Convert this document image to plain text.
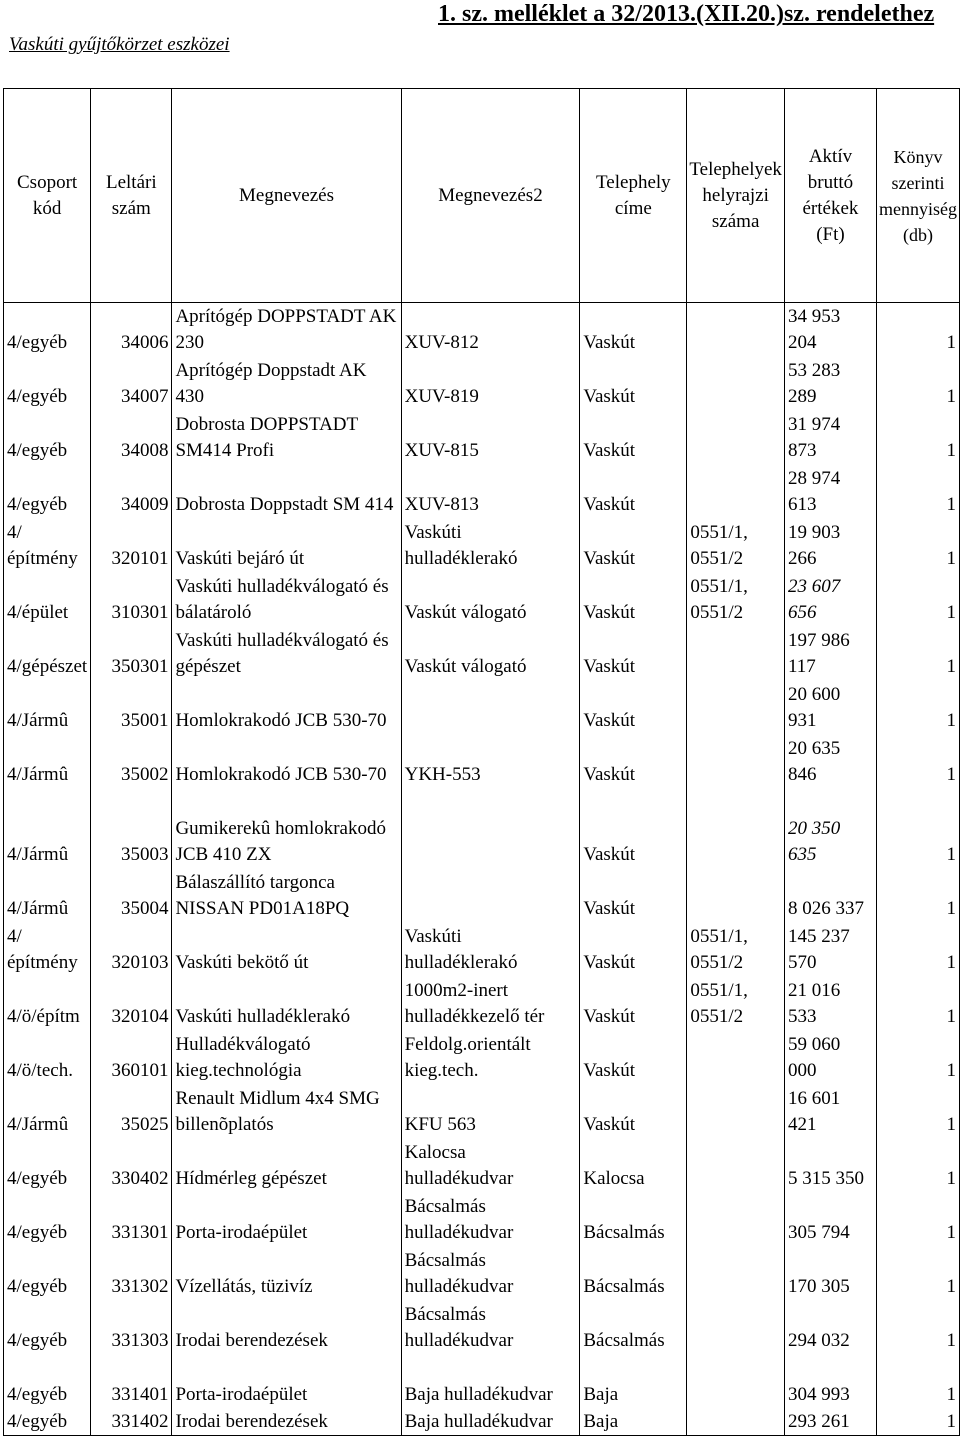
1. sz. melléklet a 32/2013.(XII.20.)sz. rendelethez
Vaskúti gyűjtőkörzet eszközei
Csoport kód	Leltári szám	Megnevezés	Megnevezés2	Telephely címe	Telephelyek helyrajzi száma	Aktív bruttó értékek (Ft)	Könyv szerinti mennyiség (db)
4/egyéb	34006	Aprítógép DOPPSTADT AK 230	XUV-812	Vaskút		34 953 204	1
4/egyéb	34007	Aprítógép Doppstadt AK 430	XUV-819	Vaskút		53 283 289	1
4/egyéb	34008	Dobrosta DOPPSTADT SM414 Profi	XUV-815	Vaskút		31 974 873	1
4/egyéb	34009	Dobrosta Doppstadt SM 414	XUV-813	Vaskút		28 974 613	1
4/építmény	320101	Vaskúti bejáró út	Vaskúti hulladéklerakó	Vaskút	0551/1, 0551/2	19 903 266	1
4/épület	310301	Vaskúti hulladékválogató és bálatároló	Vaskút válogató	Vaskút	0551/1, 0551/2	23 607 656	1
4/gépészet	350301	Vaskúti hulladékválogató és gépészet	Vaskút válogató	Vaskút		197 986 117	1
4/Jármû	35001	Homlokrakodó JCB 530-70		Vaskút		20 600 931	1
4/Jármû	35002	Homlokrakodó JCB 530-70	YKH-553	Vaskút		20 635 846	1
4/Jármû	35003	Gumikerekû homlokrakodó JCB 410 ZX		Vaskút		20 350 635	1
4/Jármû	35004	Bálaszállító targonca NISSAN PD01A18PQ		Vaskút		8 026 337	1
4/építmény	320103	Vaskúti bekötő út	Vaskúti hulladéklerakó	Vaskút	0551/1, 0551/2	145 237 570	1
4/ö/építm	320104	Vaskúti hulladéklerakó	1000m2-inert hulladékkezelő tér	Vaskút	0551/1, 0551/2	21 016 533	1
4/ö/tech.	360101	Hulladékválogató kieg.technológia	Feldolg.orientált kieg.tech.	Vaskút		59 060 000	1
4/Jármû	35025	Renault Midlum 4x4 SMG billenõplatós	KFU 563	Vaskút		16 601 421	1
4/egyéb	330402	Hídmérleg gépészet	Kalocsa hulladékudvar	Kalocsa		5 315 350	1
4/egyéb	331301	Porta-irodaépület	Bácsalmás hulladékudvar	Bácsalmás		305 794	1
4/egyéb	331302	Vízellátás, tüzivíz	Bácsalmás hulladékudvar	Bácsalmás		170 305	1
4/egyéb	331303	Irodai berendezések	Bácsalmás hulladékudvar	Bácsalmás		294 032	1
4/egyéb	331401	Porta-irodaépület	Baja hulladékudvar	Baja		304 993	1
4/egyéb	331402	Irodai berendezések	Baja hulladékudvar	Baja		293 261	1
